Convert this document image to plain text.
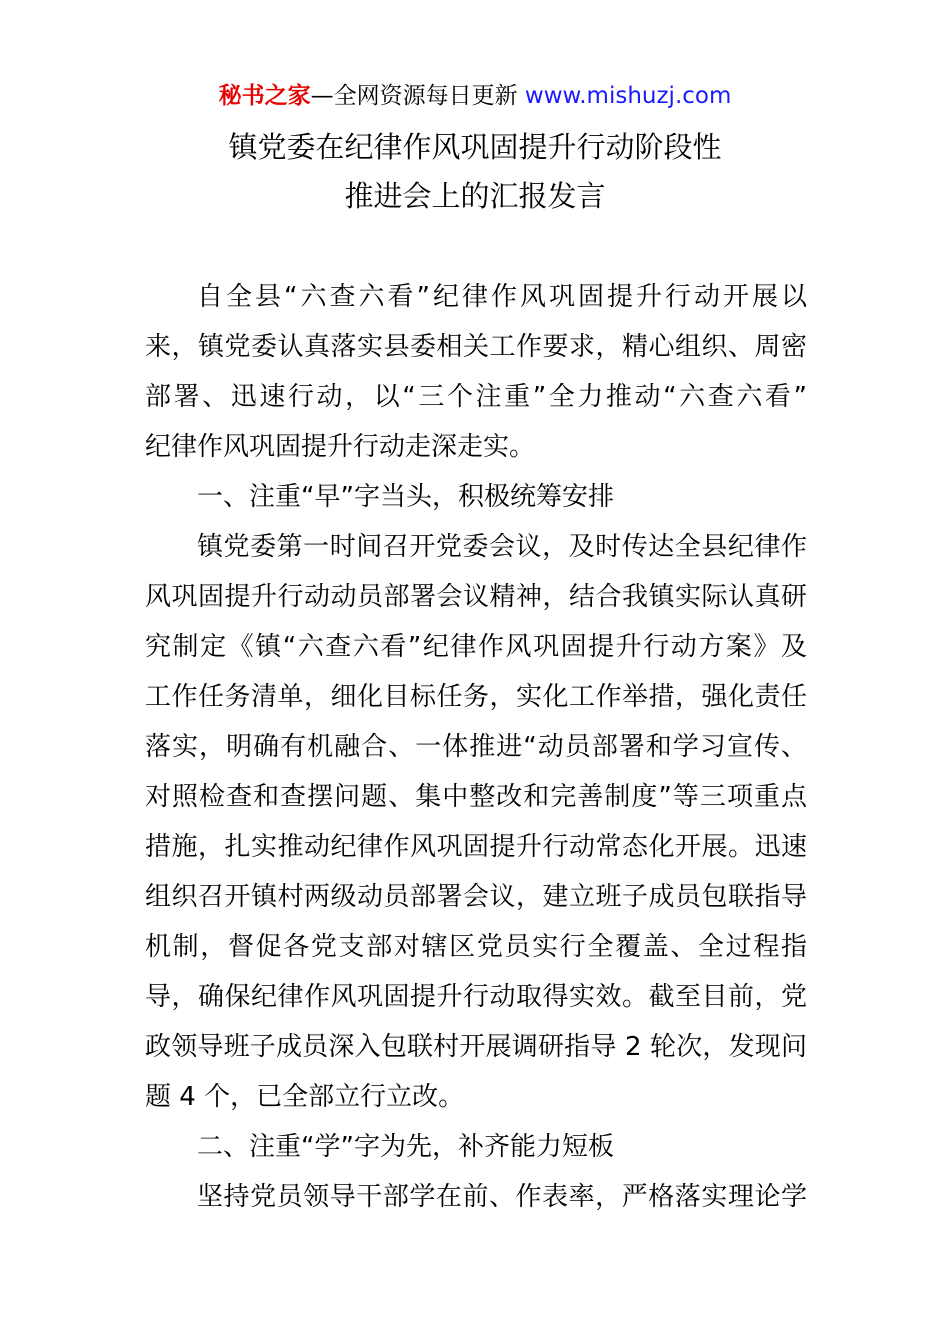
秘书之家—全网资源每日更新 www.mishuzj.com
镇党委在纪律作风巩固提升行动阶段性
推进会上的汇报发言
自全县“六查六看”纪律作风巩固提升行动开展以
来，镇党委认真落实县委相关工作要求，精心组织、周密
部署、迅速行动，以“三个注重”全力推动“六查六看”
纪律作风巩固提升行动走深走实。
一、注重“早”字当头，积极统筹安排
镇党委第一时间召开党委会议，及时传达全县纪律作
风巩固提升行动动员部署会议精神，结合我镇实际认真研
究制定《镇“六查六看”纪律作风巩固提升行动方案》及
工作任务清单，细化目标任务，实化工作举措，强化责任
落实，明确有机融合、一体推进“动员部署和学习宣传、
对照检查和查摆问题、集中整改和完善制度”等三项重点
措施，扎实推动纪律作风巩固提升行动常态化开展。迅速
组织召开镇村两级动员部署会议，建立班子成员包联指导
机制，督促各党支部对辖区党员实行全覆盖、全过程指
导，确保纪律作风巩固提升行动取得实效。截至目前，党
政领导班子成员深入包联村开展调研指导 2 轮次，发现问
题 4 个，已全部立行立改。
二、注重“学”字为先，补齐能力短板
坚持党员领导干部学在前、作表率，严格落实理论学
